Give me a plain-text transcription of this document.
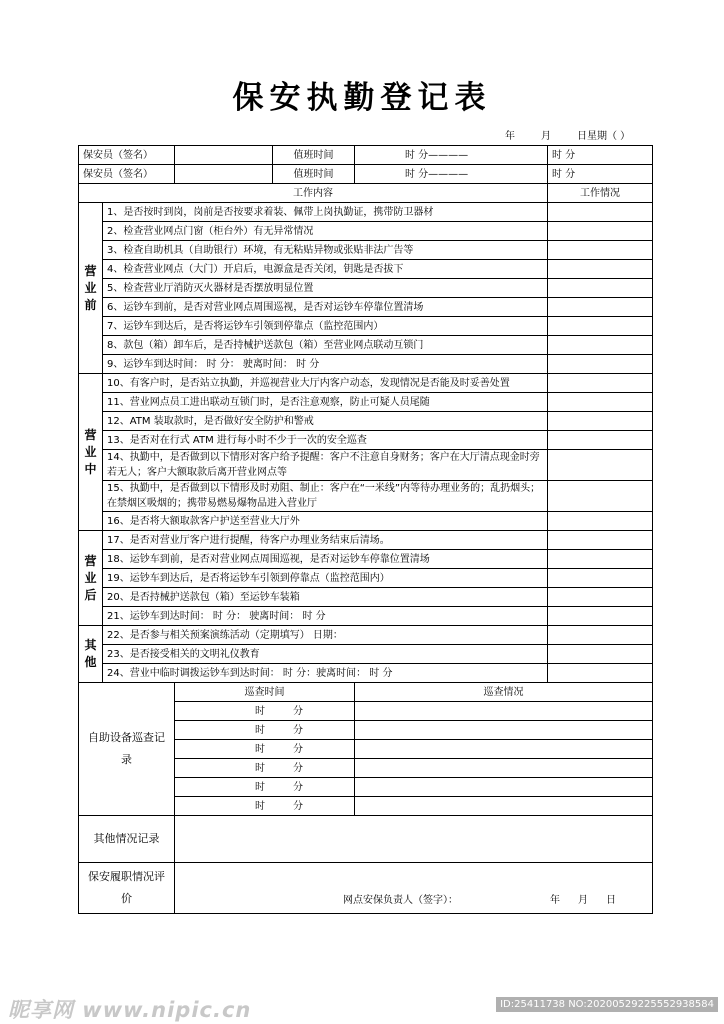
保安执勤登记表
年	月	日星期（ ）
保安员（签名）			值班时间	时 分————	时 分
保安员（签名）			值班时间	时 分————	时 分
工作内容					工作情况
营业前	1、是否按时到岗，岗前是否按要求着装、佩带上岗执勤证，携带防卫器材				
	2、检查营业网点门窗（柜台外）有无异常情况				
	3、检查自助机具（自助银行）环境，有无粘贴异物或张贴非法广告等				
	4、检查营业网点（大门）开启后，电源盒是否关闭，钥匙是否拔下				
	5、检查营业厅消防灭火器材是否摆放明显位置				
	6、运钞车到前，是否对营业网点周围巡视，是否对运钞车停靠位置清场				
	7、运钞车到达后，是否将运钞车引领到停靠点（监控范围内）				
	8、款包（箱）卸车后，是否持械护送款包（箱）至营业网点联动互锁门				
	9、运钞车到达时间： 时 分： 驶离时间： 时 分				
营业中	10、有客户时，是否站立执勤，并巡视营业大厅内客户动态，发现情况是否能及时妥善处置				
	11、营业网点员工进出联动互锁门时，是否注意观察，防止可疑人员尾随				
	12、ATM 装取款时，是否做好安全防护和警戒				
	13、是否对在行式 ATM 进行每小时不少于一次的安全巡查				
	14、执勤中，是否做到以下情形对客户给予提醒：客户不注意自身财务；客户在大厅清点现金时旁若无人；客户大额取款后离开营业网点等				
	15、执勤中，是否做到以下情形及时劝阻、制止：客户在“一米线”内等待办理业务的；乱扔烟头；在禁烟区吸烟的；携带易燃易爆物品进入营业厅				
	16、是否将大额取款客户护送至营业大厅外				
营业后	17、是否对营业厅客户进行提醒，待客户办理业务结束后清场。				
	18、运钞车到前，是否对营业网点周围巡视，是否对运钞车停靠位置清场				
	19、运钞车到达后，是否将运钞车引领到停靠点（监控范围内）				
	20、是否持械护送款包（箱）至运钞车装箱				
	21、运钞车到达时间： 时 分： 驶离时间： 时 分				
其他	22、是否参与相关预案演练活动（定期填写） 日期：				
	23、是否接受相关的文明礼仪教育				
	24、营业中临时调拨运钞车到达时间： 时 分：驶离时间： 时 分				
自助设备巡查记录		巡查时间		巡查情况	
		时 分			
		时 分			
		时 分			
		时 分			
		时 分			
		时 分			
其他情况记录					
保安履职情况评价		网点安保负责人（签字）： 年 月 日			
昵享网 www.nipic.cn	ID:25411738 NO:20200529225552938584
